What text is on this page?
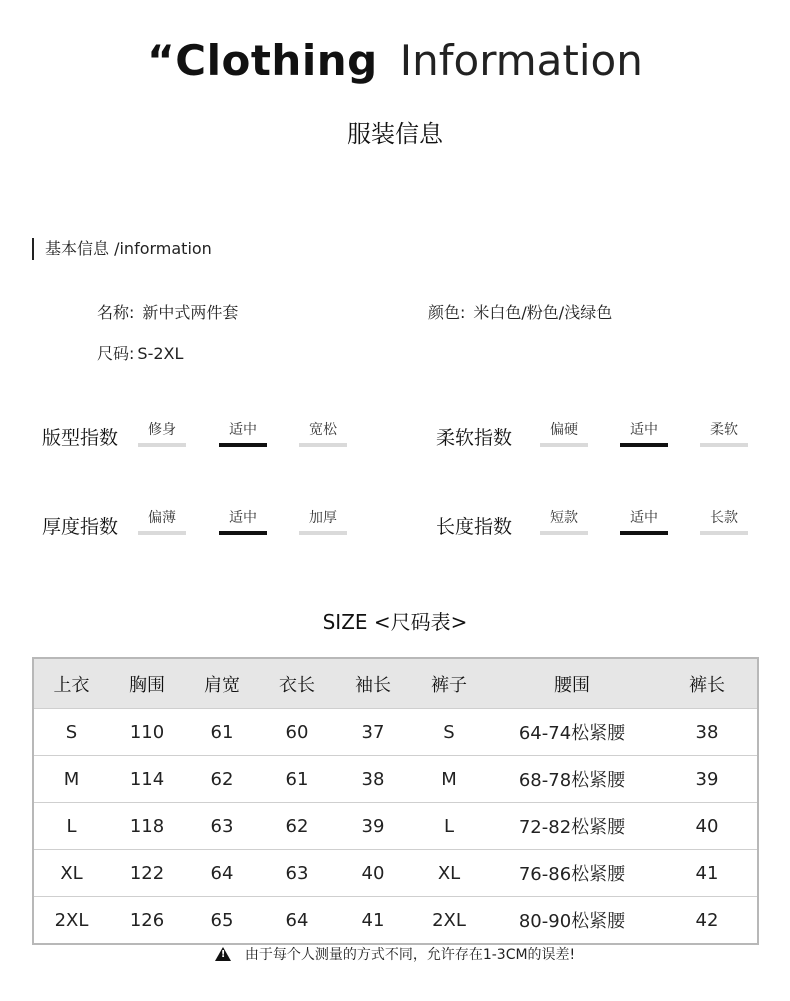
“Clothing Information
服装信息
基本信息 /information
名称: 新中式两件套	颜色: 米白色/粉色/浅绿色
尺码: S-2XL
版型指数	修身	适中	宽松	柔软指数	偏硬	适中	柔软
厚度指数	偏薄	适中	加厚	长度指数	短款	适中	长款
SIZE <尺码表>
上衣	胸围	肩宽	衣长	袖长	裤子	腰围	裤长
S	110	61	60	37	S	64-74松紧腰	38
M	114	62	61	38	M	68-78松紧腰	39
L	118	63	62	39	L	72-82松紧腰	40
XL	122	64	63	40	XL	76-86松紧腰	41
2XL	126	65	64	41	2XL	80-90松紧腰	42
!由于每个人测量的方式不同，允许存在1-3CM的误差!
